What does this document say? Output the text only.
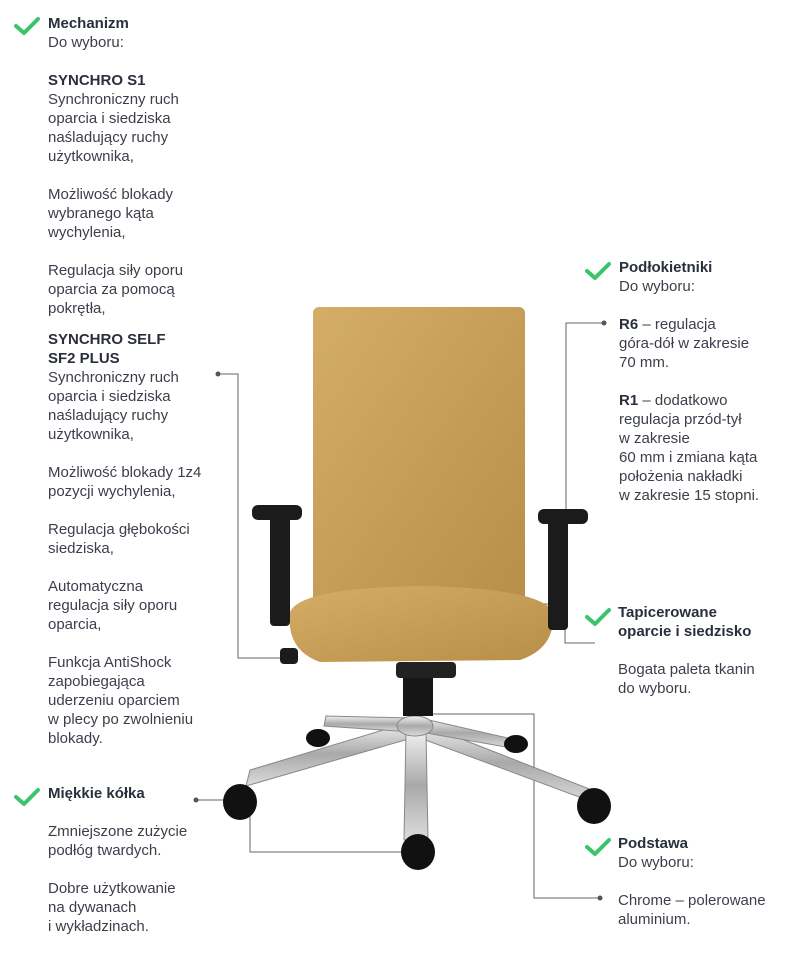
Mechanizm
Do wyboru:
SYNCHRO S1

Synchroniczny ruch
oparcia i siedziska
naśladujący ruchy
użytkownika,

Możliwość blokady
wybranego kąta
wychylenia,

Regulacja siły oporu
oparcia za pomocą
pokrętła,

SYNCHRO SELF
SF2 PLUS

Synchroniczny ruch
oparcia i siedziska
naśladujący ruchy
użytkownika,

Możliwość blokady 1z4
pozycji wychylenia,

Regulacja głębokości
siedziska,

Automatyczna
regulacja siły oporu
oparcia,

Funkcja AntiShock
zapobiegająca
uderzeniu oparciem
w plecy po zwolnieniu
blokady.

Miękkie kółka

Zmniejszone zużycie
podłóg twardych.

Dobre użytkowanie
na dywanach
i wykładzinach.

Podłokietniki
Do wyboru:

R6 – regulacja
góra-dół w zakresie
70 mm.

R1 – dodatkowo
regulacja przód-tył
w zakresie
60 mm i zmiana kąta
położenia nakładki
w zakresie 15 stopni.

Tapicerowane
oparcie i siedzisko

Bogata paleta tkanin
do wyboru.

Podstawa
Do wyboru:

Chrome – polerowane
aluminium.
